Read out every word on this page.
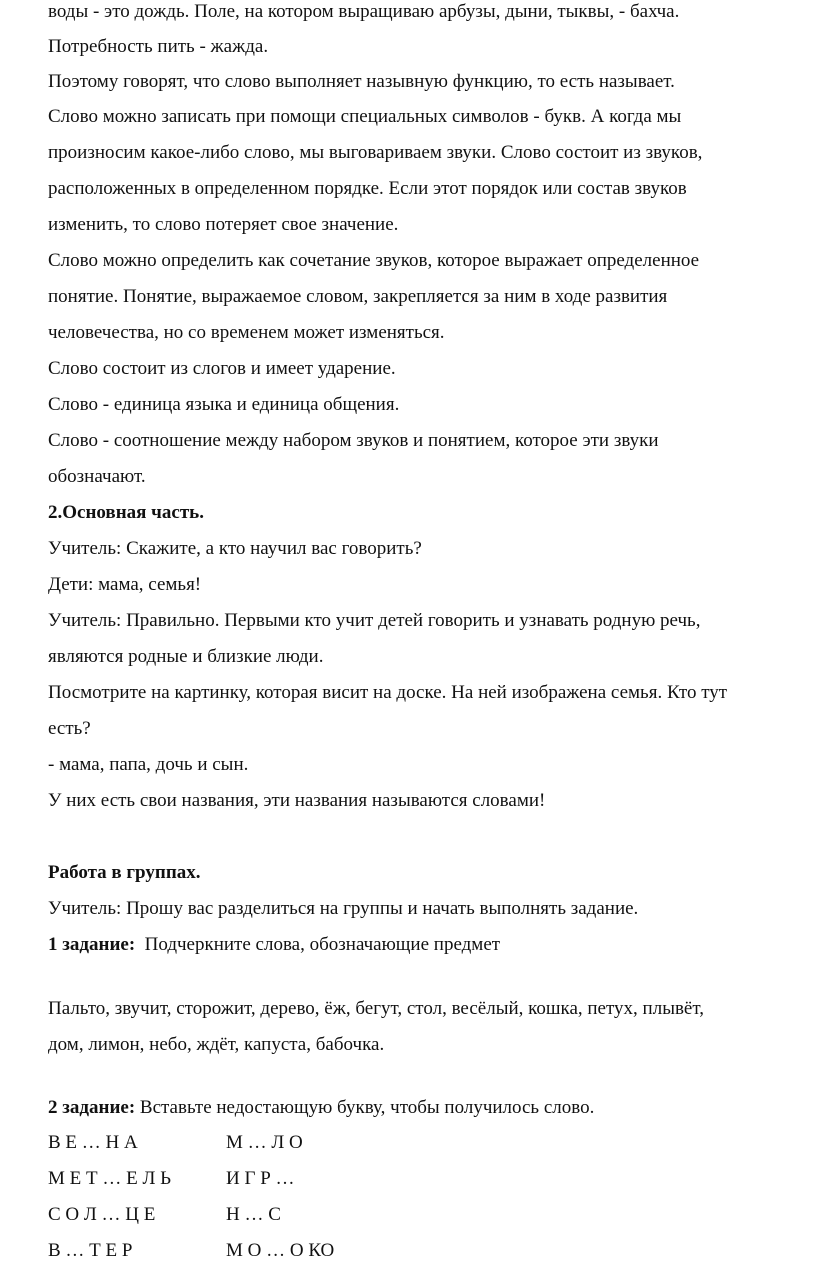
воды - это дождь. Поле, на котором выращиваю арбузы, дыни, тыквы, - бахча.
Потребность пить - жажда.
Поэтому говорят, что слово выполняет назывную функцию, то есть называет.
Слово можно записать при помощи специальных символов - букв. А когда мы
произносим какое-либо слово, мы выговариваем звуки. Слово состоит из звуков,
расположенных в определенном порядке. Если этот порядок или состав звуков
изменить, то слово потеряет свое значение.
Слово можно определить как сочетание звуков, которое выражает определенное
понятие. Понятие, выражаемое словом, закрепляется за ним в ходе развития
человечества, но со временем может изменяться.
Слово состоит из слогов и имеет ударение.
Слово - единица языка и единица общения.
Слово - соотношение между набором звуков и понятием, которое эти звуки
обозначают.
2.Основная часть.
Учитель: Скажите, а кто научил вас говорить?
Дети: мама, семья!
Учитель: Правильно. Первыми кто учит детей говорить и узнавать родную речь,
являются родные и близкие люди.
Посмотрите на картинку, которая висит на доске. На ней изображена семья. Кто тут
есть?
- мама, папа, дочь и сын.
У них есть свои названия, эти названия называются словами!
Работа в группах.
Учитель: Прошу вас разделиться на группы и начать выполнять задание.
1 задание: Подчеркните слова, обозначающие предмет
Пальто, звучит, сторожит, дерево, ёж, бегут, стол, весёлый, кошка, петух, плывёт,
дом, лимон, небо, ждёт, капуста, бабочка.
2 задание: Вставьте недостающую букву, чтобы получилось слово.
В Е … Н А	М … Л О
М Е Т … Е Л Ь	И Г Р …
С О Л … Ц Е	Н … С
В … Т Е Р	М О … О КО
